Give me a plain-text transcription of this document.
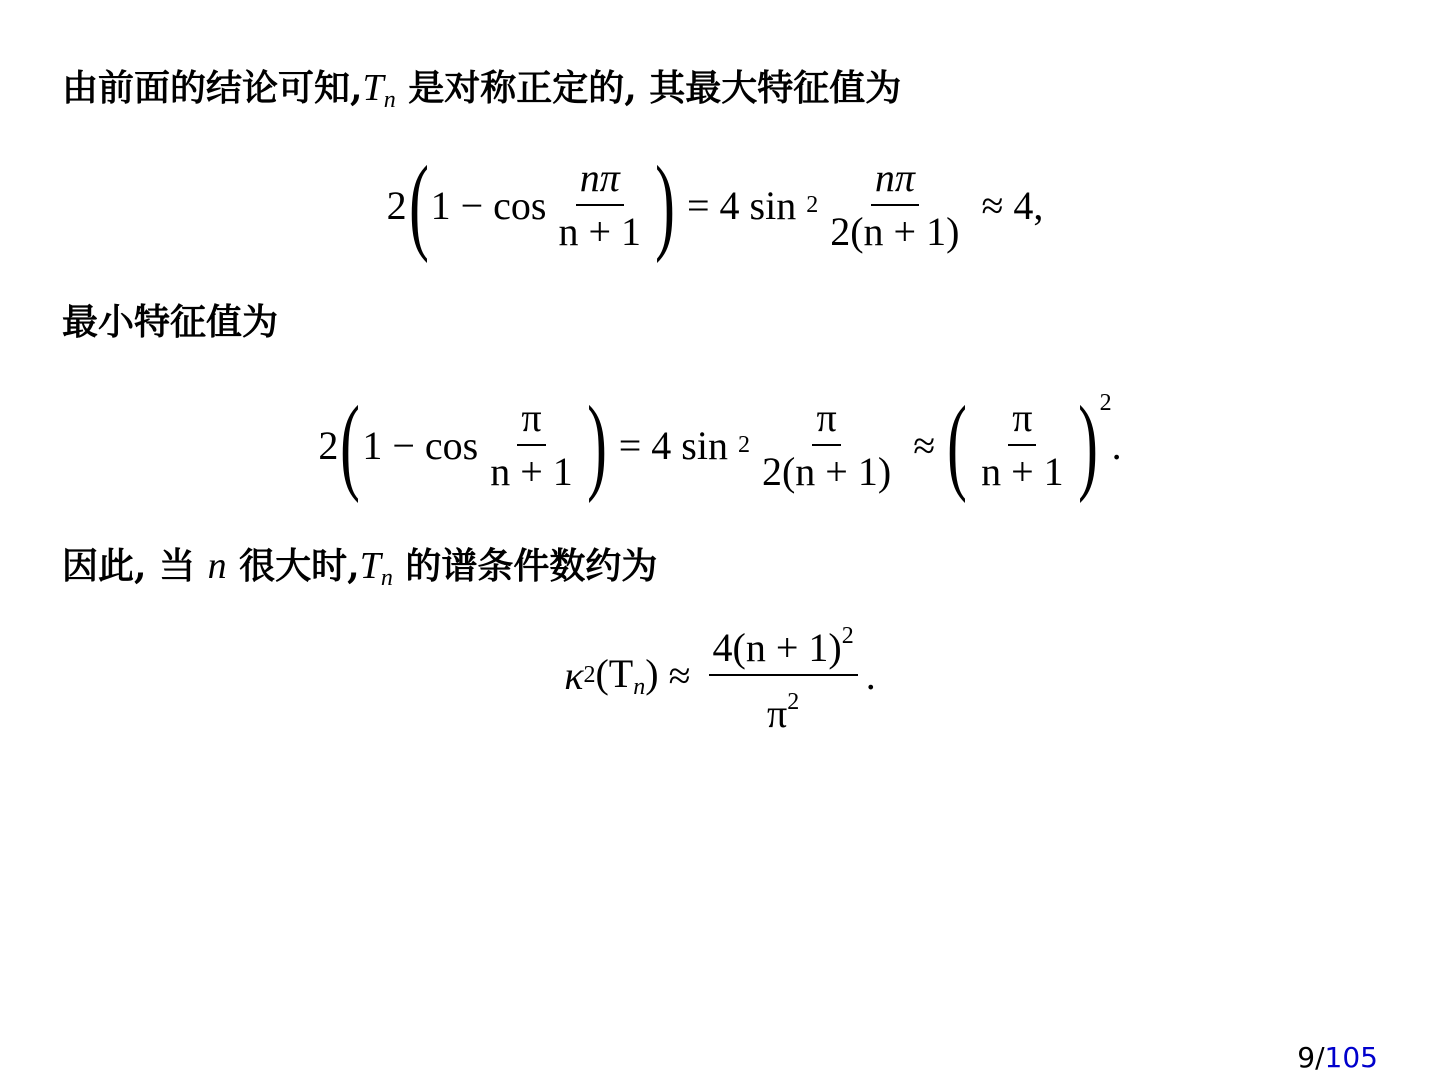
由前面的结论可知$,T_n$ 是对称正定的, 其最大特征值为
2 ( $1 - \cos \frac{n\pi}{n + 1}$ ) = 4 $\sin 2 \frac{n\pi}{2(n + 1)} \approx 4$,
最小特征值为
2 ( $1 - \cos \frac{\pi}{n + 1}$ ) = 4 $\sin 2 \frac{\pi}{2(n + 1)}$ ≈ ( $\frac{\pi}{n + 1}$ ) 2
.
因此, 当 n 很大时$,T_n$ 的谱条件数约为
κ 2 $(T_n) \approx \frac{4(n + 1)^2}{\pi^2}$ .
9/105
